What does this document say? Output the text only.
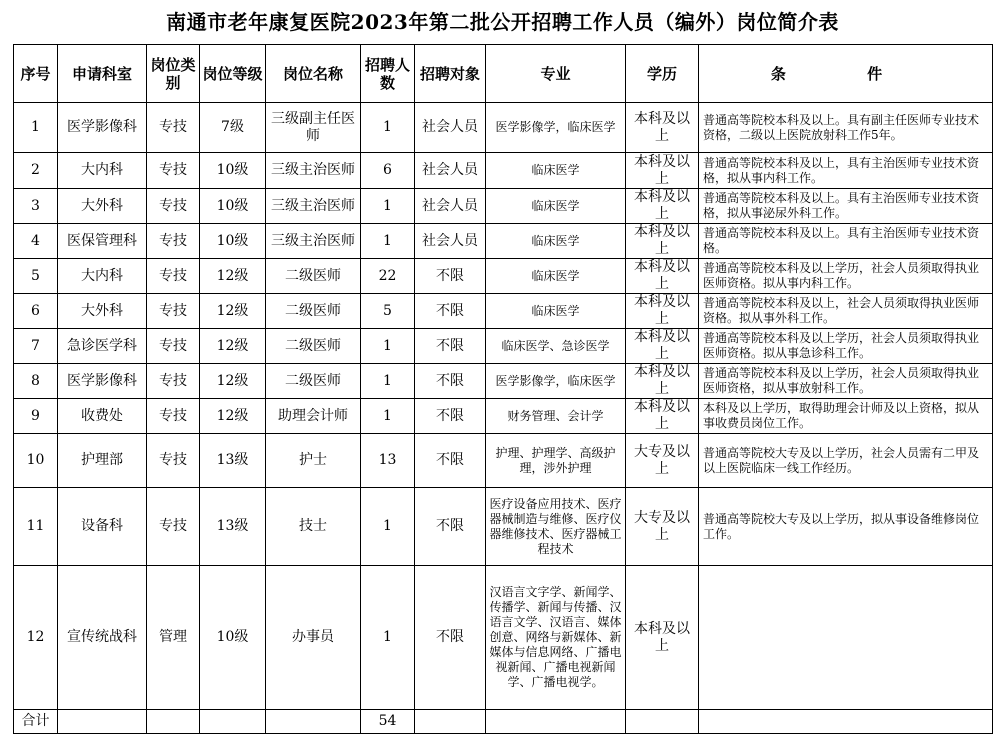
南通市老年康复医院2023年第二批公开招聘工作人员（编外）岗位简介表
序号	申请科室	岗位类别	岗位等级	岗位名称	招聘人数	招聘对象	专业	学历	条 件
1	医学影像科	专技	7级	三级副主任医师	1	社会人员	医学影像学，临床医学	本科及以上	普通高等院校本科及以上。具有副主任医师专业技术资格，二级以上医院放射科工作5年。
2	大内科	专技	10级	三级主治医师	6	社会人员	临床医学	本科及以上	普通高等院校本科及以上，具有主治医师专业技术资格，拟从事内科工作。
3	大外科	专技	10级	三级主治医师	1	社会人员	临床医学	本科及以上	普通高等院校本科及以上。具有主治医师专业技术资格，拟从事泌尿外科工作。
4	医保管理科	专技	10级	三级主治医师	1	社会人员	临床医学	本科及以上	普通高等院校本科及以上。具有主治医师专业技术资格。
5	大内科	专技	12级	二级医师	22	不限	临床医学	本科及以上	普通高等院校本科及以上学历，社会人员须取得执业医师资格。拟从事内科工作。
6	大外科	专技	12级	二级医师	5	不限	临床医学	本科及以上	普通高等院校本科及以上，社会人员须取得执业医师资格。拟从事外科工作。
7	急诊医学科	专技	12级	二级医师	1	不限	临床医学、急诊医学	本科及以上	普通高等院校本科及以上学历，社会人员须取得执业医师资格。拟从事急诊科工作。
8	医学影像科	专技	12级	二级医师	1	不限	医学影像学，临床医学	本科及以上	普通高等院校本科及以上学历，社会人员须取得执业医师资格，拟从事放射科工作。
9	收费处	专技	12级	助理会计师	1	不限	财务管理、会计学	本科及以上	本科及以上学历，取得助理会计师及以上资格，拟从事收费员岗位工作。
10	护理部	专技	13级	护士	13	不限	护理、护理学、高级护理，涉外护理	大专及以上	普通高等院校大专及以上学历，社会人员需有二甲及以上医院临床一线工作经历。
11	设备科	专技	13级	技士	1	不限	医疗设备应用技术、医疗器械制造与维修、医疗仪器维修技术、医疗器械工程技术	大专及以上	普通高等院校大专及以上学历，拟从事设备维修岗位工作。
12	宣传统战科	管理	10级	办事员	1	不限	汉语言文字学、新闻学、传播学、新闻与传播、汉语言文学、汉语言、媒体创意、网络与新媒体、新媒体与信息网络、广播电视新闻、广播电视新闻学、广播电视学。	本科及以上	
合计					54				
